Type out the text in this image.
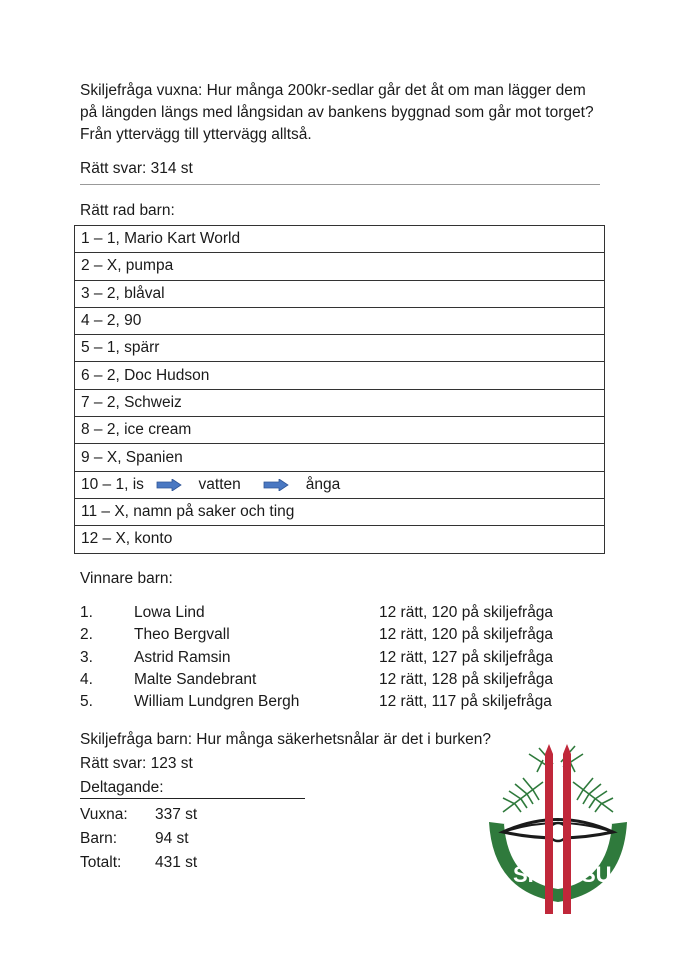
Skiljefråga vuxna: Hur många 200kr-sedlar går det åt om man lägger dem på längden längs med långsidan av bankens byggnad som går mot torget? Från yttervägg till yttervägg alltså.

Rätt svar: 314 st
Rätt rad barn:
1 – 1, Mario Kart World
2 – X, pumpa
3 – 2, blåval
4 – 2, 90
5 – 1, spärr
6 – 2, Doc Hudson
7 – 2, Schweiz
8 – 2, ice cream
9 – X, Spanien
10 – 1, is	vatten	ånga
11 – X, namn på saker och ting
12 – X, konto
Vinnare barn:
1.	Lowa Lind	12 rätt, 120 på skiljefråga
2.	Theo Bergvall	12 rätt, 120 på skiljefråga
3.	Astrid Ramsin	12 rätt, 127 på skiljefråga
4.	Malte Sandebrant	12 rätt, 128 på skiljefråga
5.	William Lundgren Bergh	12 rätt, 117 på skiljefråga
Skiljefråga barn: Hur många säkerhetsnålar är det i burken?
Rätt svar: 123 st
Deltagande:
Vuxna: 337 st
Barn: 94 st
Totalt: 431 st	SI SU
